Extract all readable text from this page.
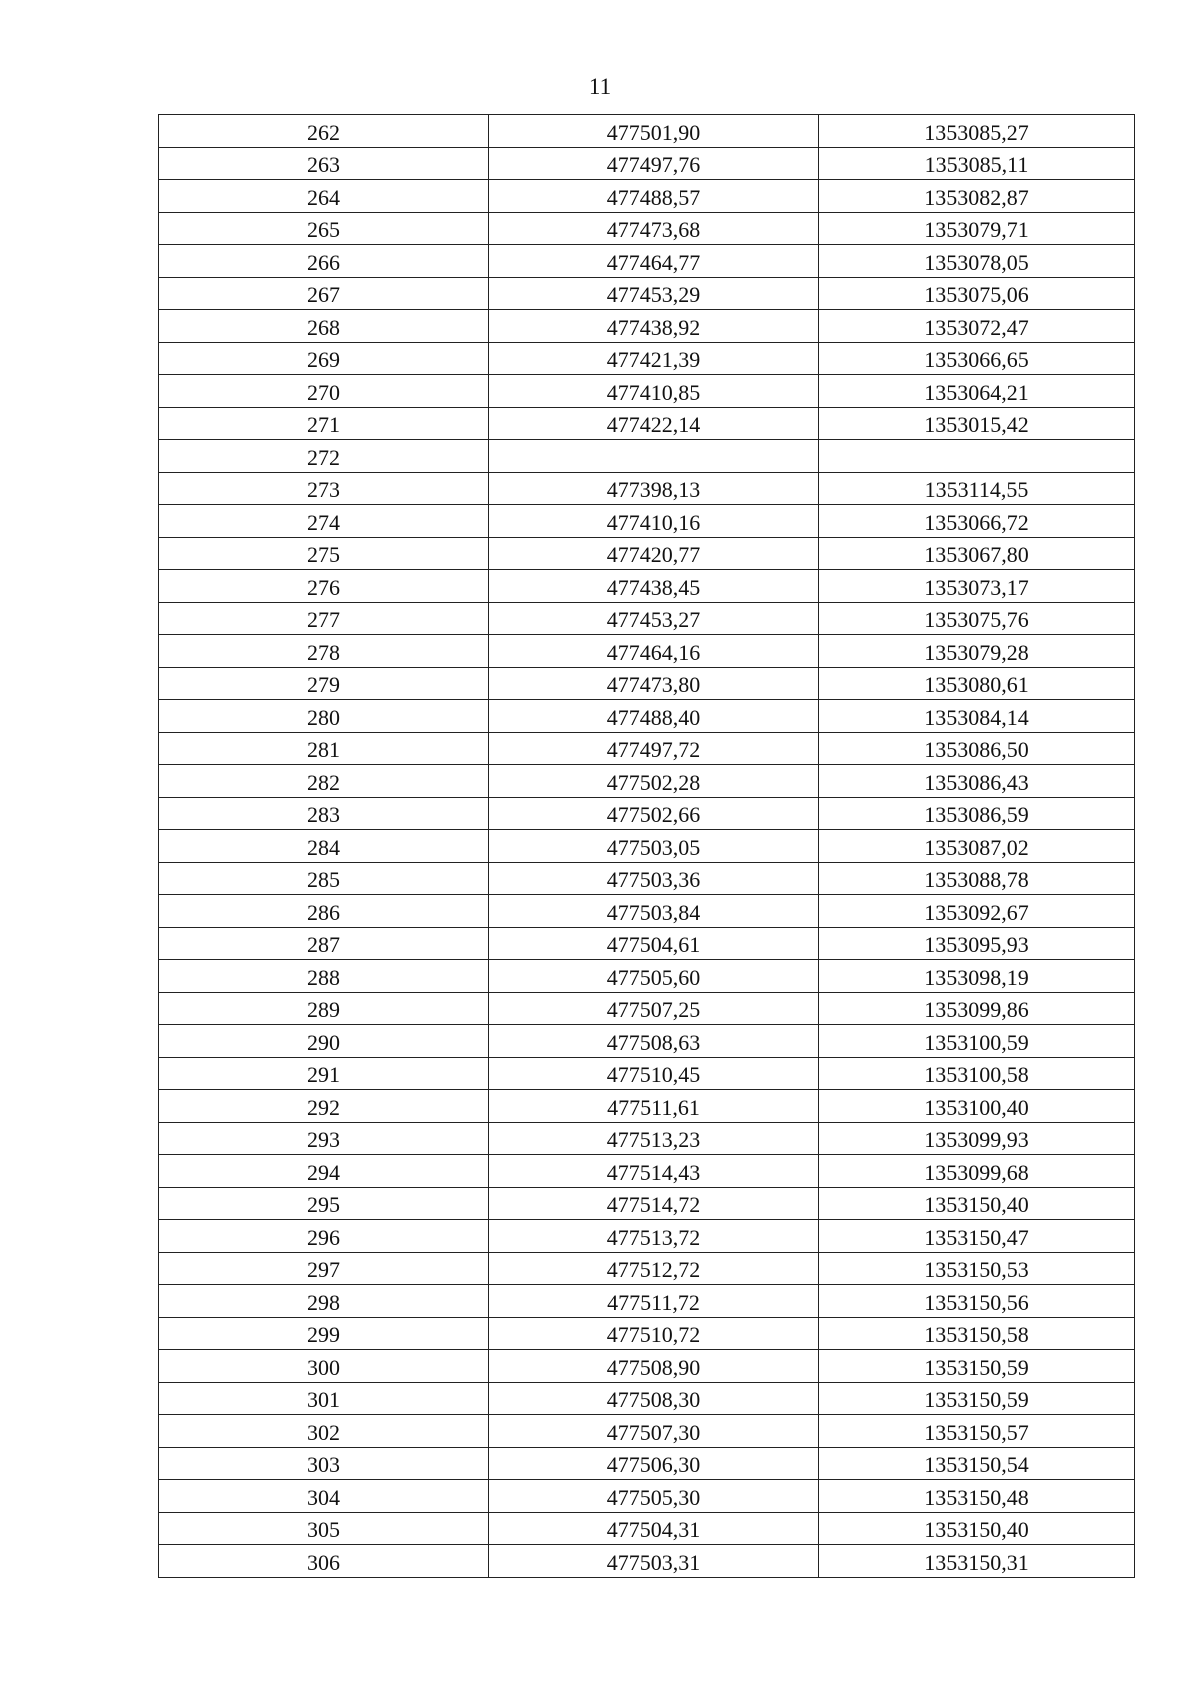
11
262	477501,90	1353085,27
263	477497,76	1353085,11
264	477488,57	1353082,87
265	477473,68	1353079,71
266	477464,77	1353078,05
267	477453,29	1353075,06
268	477438,92	1353072,47
269	477421,39	1353066,65
270	477410,85	1353064,21
271	477422,14	1353015,42
272		
273	477398,13	1353114,55
274	477410,16	1353066,72
275	477420,77	1353067,80
276	477438,45	1353073,17
277	477453,27	1353075,76
278	477464,16	1353079,28
279	477473,80	1353080,61
280	477488,40	1353084,14
281	477497,72	1353086,50
282	477502,28	1353086,43
283	477502,66	1353086,59
284	477503,05	1353087,02
285	477503,36	1353088,78
286	477503,84	1353092,67
287	477504,61	1353095,93
288	477505,60	1353098,19
289	477507,25	1353099,86
290	477508,63	1353100,59
291	477510,45	1353100,58
292	477511,61	1353100,40
293	477513,23	1353099,93
294	477514,43	1353099,68
295	477514,72	1353150,40
296	477513,72	1353150,47
297	477512,72	1353150,53
298	477511,72	1353150,56
299	477510,72	1353150,58
300	477508,90	1353150,59
301	477508,30	1353150,59
302	477507,30	1353150,57
303	477506,30	1353150,54
304	477505,30	1353150,48
305	477504,31	1353150,40
306	477503,31	1353150,31
